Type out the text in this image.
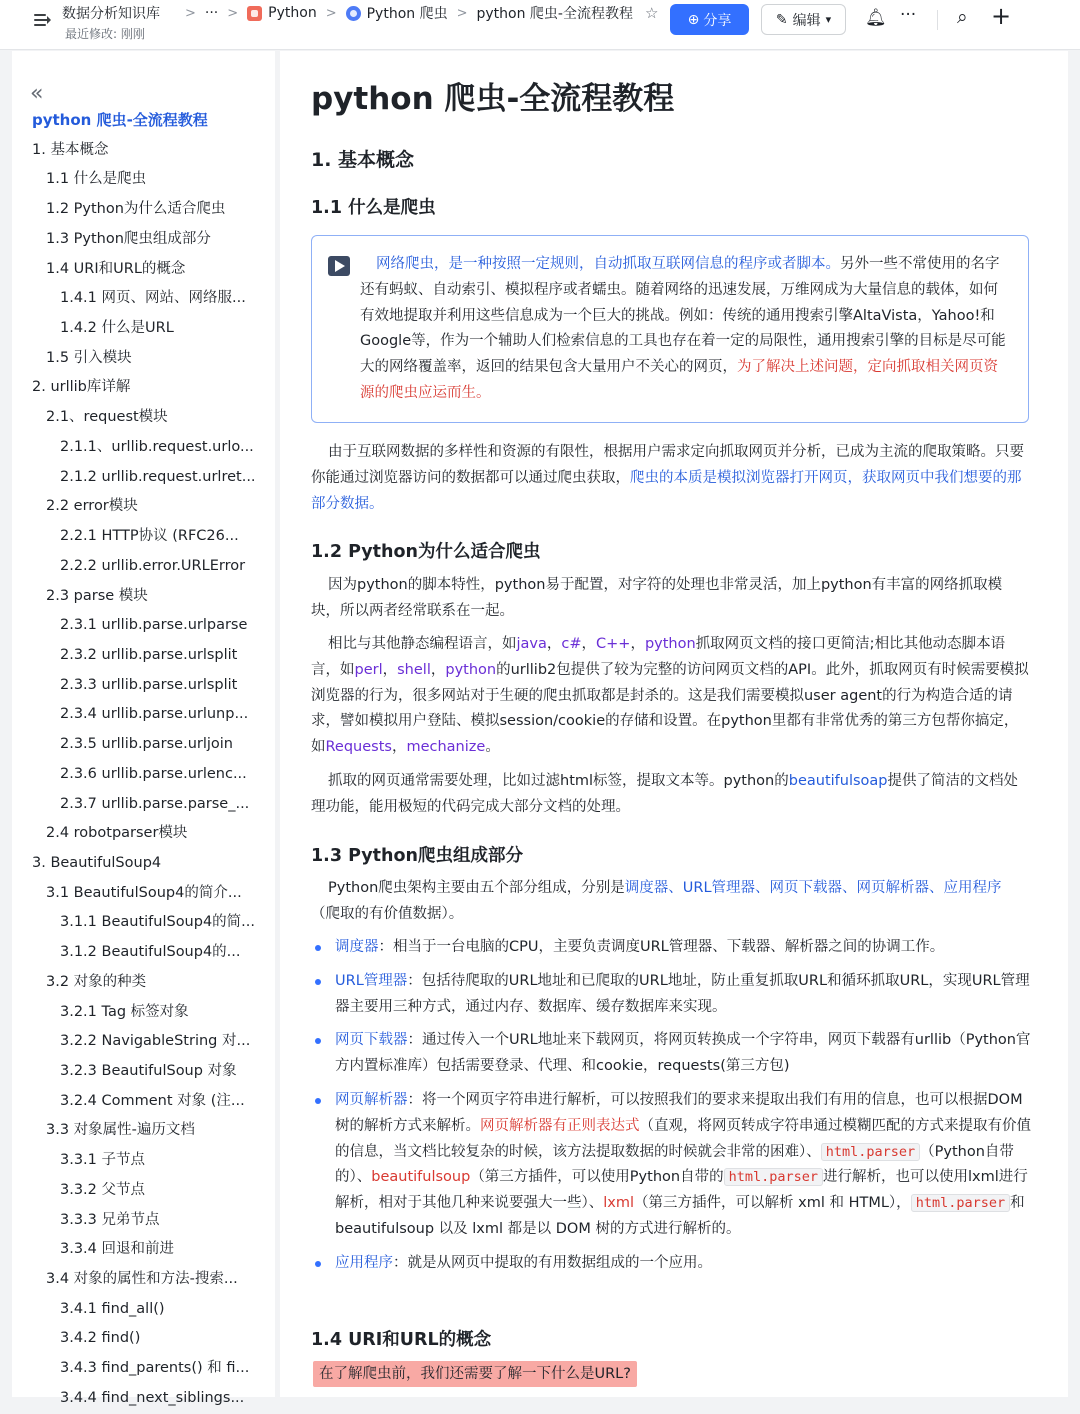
数据分析知识库
最近修改: 刚刚
> ··· > Python > Python 爬虫 > python 爬虫-全流程教程 ☆ ⊕ 分享	✎ 编辑 ▾ 🔔︎ ··· ⌕ +
«
python 爬虫-全流程教程
1. 基本概念
1.1 什么是爬虫
1.2 Python为什么适合爬虫
1.3 Python爬虫组成部分
1.4 URI和URL的概念
1.4.1 网页、网站、网络服...
1.4.2 什么是URL
1.5 引入模块
2. urllib库详解
2.1、request模块
2.1.1、urllib.request.urlo...
2.1.2 urllib.request.urlret...
2.2 error模块
2.2.1 HTTP协议 (RFC26...
2.2.2 urllib.error.URLError
2.3 parse 模块
2.3.1 urllib.parse.urlparse
2.3.2 urllib.parse.urlsplit
2.3.3 urllib.parse.urlsplit
2.3.4 urllib.parse.urlunp...
2.3.5 urllib.parse.urljoin
2.3.6 urllib.parse.urlenc...
2.3.7 urllib.parse.parse_...
2.4 robotparser模块
3. BeautifulSoup4
3.1 BeautifulSoup4的简介...
3.1.1 BeautifulSoup4的简...
3.1.2 BeautifulSoup4的...
3.2 对象的种类
3.2.1 Tag 标签对象
3.2.2 NavigableString 对...
3.2.3 BeautifulSoup 对象
3.2.4 Comment 对象 (注...
3.3 对象属性-遍历文档
3.3.1 子节点
3.3.2 父节点
3.3.3 兄弟节点
3.3.4 回退和前进
3.4 对象的属性和方法-搜索...
3.4.1 find_all()
3.4.2 find()
3.4.3 find_parents() 和 fi...
3.4.4 find_next_siblings...
python 爬虫-全流程教程
1. 基本概念
1.1 什么是爬虫
网络爬虫，是一种按照一定规则，自动抓取互联网信息的程序或者脚本。另外一些不常使用的名字还有蚂蚁、自动索引、模拟程序或者蠕虫。随着网络的迅速发展，万维网成为大量信息的载体，如何有效地提取并利用这些信息成为一个巨大的挑战。例如：传统的通用搜索引擎AltaVista，Yahoo!和Google等，作为一个辅助人们检索信息的工具也存在着一定的局限性，通用搜索引擎的目标是尽可能大的网络覆盖率，返回的结果包含大量用户不关心的网页，为了解决上述问题，定向抓取相关网页资源的爬虫应运而生。
由于互联网数据的多样性和资源的有限性，根据用户需求定向抓取网页并分析，已成为主流的爬取策略。只要你能通过浏览器访问的数据都可以通过爬虫获取，爬虫的本质是模拟浏览器打开网页，获取网页中我们想要的那部分数据。
1.2 Python为什么适合爬虫
因为python的脚本特性，python易于配置，对字符的处理也非常灵活，加上python有丰富的网络抓取模块，所以两者经常联系在一起。
相比与其他静态编程语言，如java，c#，C++，python抓取网页文档的接口更简洁;相比其他动态脚本语言，如perl，shell，python的urllib2包提供了较为完整的访问网页文档的API。此外，抓取网页有时候需要模拟浏览器的行为，很多网站对于生硬的爬虫抓取都是封杀的。这是我们需要模拟user agent的行为构造合适的请求，譬如模拟用户登陆、模拟session/cookie的存储和设置。在python里都有非常优秀的第三方包帮你搞定，如Requests，mechanize。
抓取的网页通常需要处理，比如过滤html标签，提取文本等。python的beautifulsoap提供了简洁的文档处理功能，能用极短的代码完成大部分文档的处理。
1.3 Python爬虫组成部分
Python爬虫架构主要由五个部分组成，分别是调度器、URL管理器、网页下载器、网页解析器、应用程序（爬取的有价值数据）。
调度器：相当于一台电脑的CPU，主要负责调度URL管理器、下载器、解析器之间的协调工作。
URL管理器：包括待爬取的URL地址和已爬取的URL地址，防止重复抓取URL和循环抓取URL，实现URL管理器主要用三种方式，通过内存、数据库、缓存数据库来实现。
网页下载器：通过传入一个URL地址来下载网页，将网页转换成一个字符串，网页下载器有urllib（Python官方内置标准库）包括需要登录、代理、和cookie，requests(第三方包)
网页解析器：将一个网页字符串进行解析，可以按照我们的要求来提取出我们有用的信息，也可以根据DOM树的解析方式来解析。网页解析器有正则表达式（直观，将网页转成字符串通过模糊匹配的方式来提取有价值的信息，当文档比较复杂的时候，该方法提取数据的时候就会非常的困难）、 html.parser （Python自带的）、beautifulsoup（第三方插件，可以使用Python自带的 html.parser 进行解析，也可以使用lxml进行解析，相对于其他几种来说要强大一些）、lxml（第三方插件，可以解析 xml 和 HTML）， html.parser 和 beautifulsoup 以及 lxml 都是以 DOM 树的方式进行解析的。
应用程序：就是从网页中提取的有用数据组成的一个应用。
1.4 URI和URL的概念
在了解爬虫前，我们还需要了解一下什么是URL?
